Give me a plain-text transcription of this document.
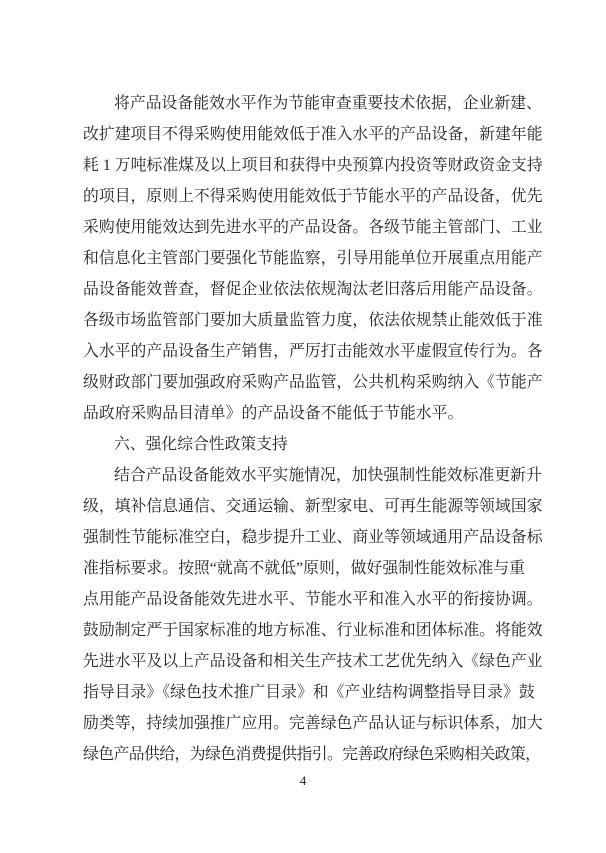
将产品设备能效水平作为节能审查重要技术依据，企业新建、
改扩建项目不得采购使用能效低于准入水平的产品设备，新建年能
耗 1 万吨标准煤及以上项目和获得中央预算内投资等财政资金支持
的项目，原则上不得采购使用能效低于节能水平的产品设备，优先
采购使用能效达到先进水平的产品设备。各级节能主管部门、工业
和信息化主管部门要强化节能监察，引导用能单位开展重点用能产
品设备能效普查，督促企业依法依规淘汰老旧落后用能产品设备。
各级市场监管部门要加大质量监管力度，依法依规禁止能效低于准
入水平的产品设备生产销售，严厉打击能效水平虚假宣传行为。各
级财政部门要加强政府采购产品监管，公共机构采购纳入《节能产
品政府采购品目清单》的产品设备不能低于节能水平。
六、强化综合性政策支持
结合产品设备能效水平实施情况，加快强制性能效标准更新升
级，填补信息通信、交通运输、新型家电、可再生能源等领域国家
强制性节能标准空白，稳步提升工业、商业等领域通用产品设备标
准指标要求。按照“就高不就低”原则，做好强制性能效标准与重
点用能产品设备能效先进水平、节能水平和准入水平的衔接协调。
鼓励制定严于国家标准的地方标准、行业标准和团体标准。将能效
先进水平及以上产品设备和相关生产技术工艺优先纳入《绿色产业
指导目录》《绿色技术推广目录》和《产业结构调整指导目录》鼓
励类等，持续加强推广应用。完善绿色产品认证与标识体系，加大
绿色产品供给，为绿色消费提供指引。完善政府绿色采购相关政策，
4
